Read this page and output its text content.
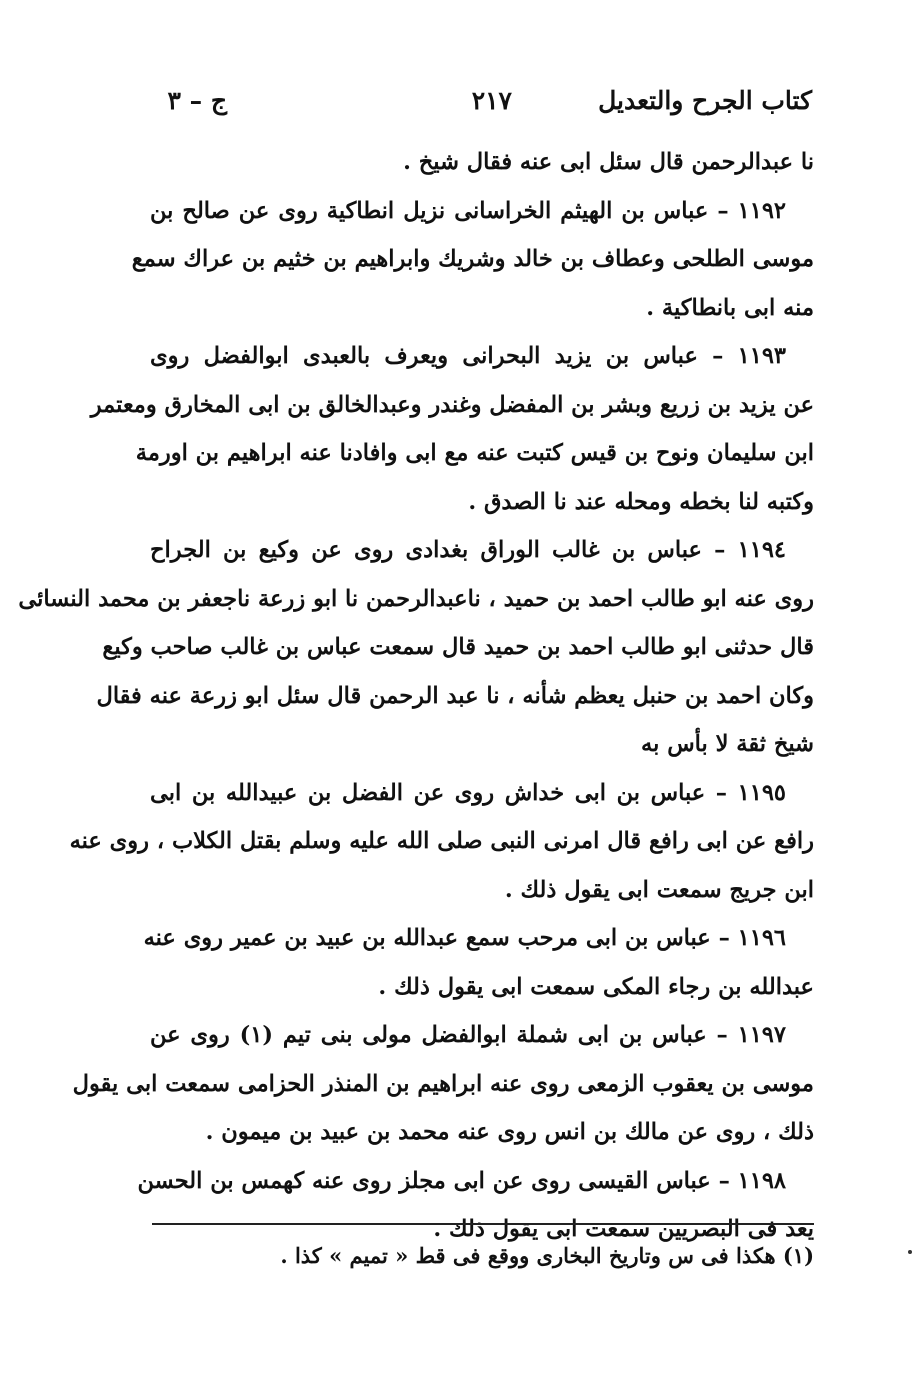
كتاب الجرح والتعديل
٢١٧
ج – ٣
نا عبدالرحمن قال سئل ابى عنه فقال شيخ .
١١٩٢ – عباس بن الهيثم الخراسانى نزيل انطاكية روى عن صالح بن
موسى الطلحى وعطاف بن خالد وشريك وابراهيم بن خثيم بن عراك سمع
منه ابى بانطاكية .
١١٩٣ – عباس بن يزيد البحرانى ويعرف بالعبدى ابوالفضل روى
عن يزيد بن زريع وبشر بن المفضل وغندر وعبدالخالق بن ابى المخارق ومعتمر
ابن سليمان ونوح بن قيس كتبت عنه مع ابى وافادنا عنه ابراهيم بن اورمة
وكتبه لنا بخطه ومحله عند نا الصدق .
١١٩٤ – عباس بن غالب الوراق بغدادى روى عن وكيع بن الجراح
روى عنه ابو طالب احمد بن حميد ، ناعبدالرحمن نا ابو زرعة ناجعفر بن محمد النسائى
قال حدثنى ابو طالب احمد بن حميد قال سمعت عباس بن غالب صاحب وكيع
وكان احمد بن حنبل يعظم شأنه ، نا عبد الرحمن قال سئل ابو زرعة عنه فقال
شيخ ثقة لا بأس به
١١٩٥ – عباس بن ابى خداش روى عن الفضل بن عبيدالله بن ابى
رافع عن ابى رافع قال امرنى النبى صلى الله عليه وسلم بقتل الكلاب ، روى عنه
ابن جريج سمعت ابى يقول ذلك .
١١٩٦ – عباس بن ابى مرحب سمع عبدالله بن عبيد بن عمير روى عنه
عبدالله بن رجاء المكى سمعت ابى يقول ذلك .
١١٩٧ – عباس بن ابى شملة ابوالفضل مولى بنى تيم (١) روى عن
موسى بن يعقوب الزمعى روى عنه ابراهيم بن المنذر الحزامى سمعت ابى يقول
ذلك ، روى عن مالك بن انس روى عنه محمد بن عبيد بن ميمون .
١١٩٨ – عباس القيسى روى عن ابى مجلز روى عنه كهمس بن الحسن
يعد فى البصريين سمعت ابى يقول ذلك .
(١) هكذا فى س وتاريخ البخارى ووقع فى قط « تميم » كذا .
